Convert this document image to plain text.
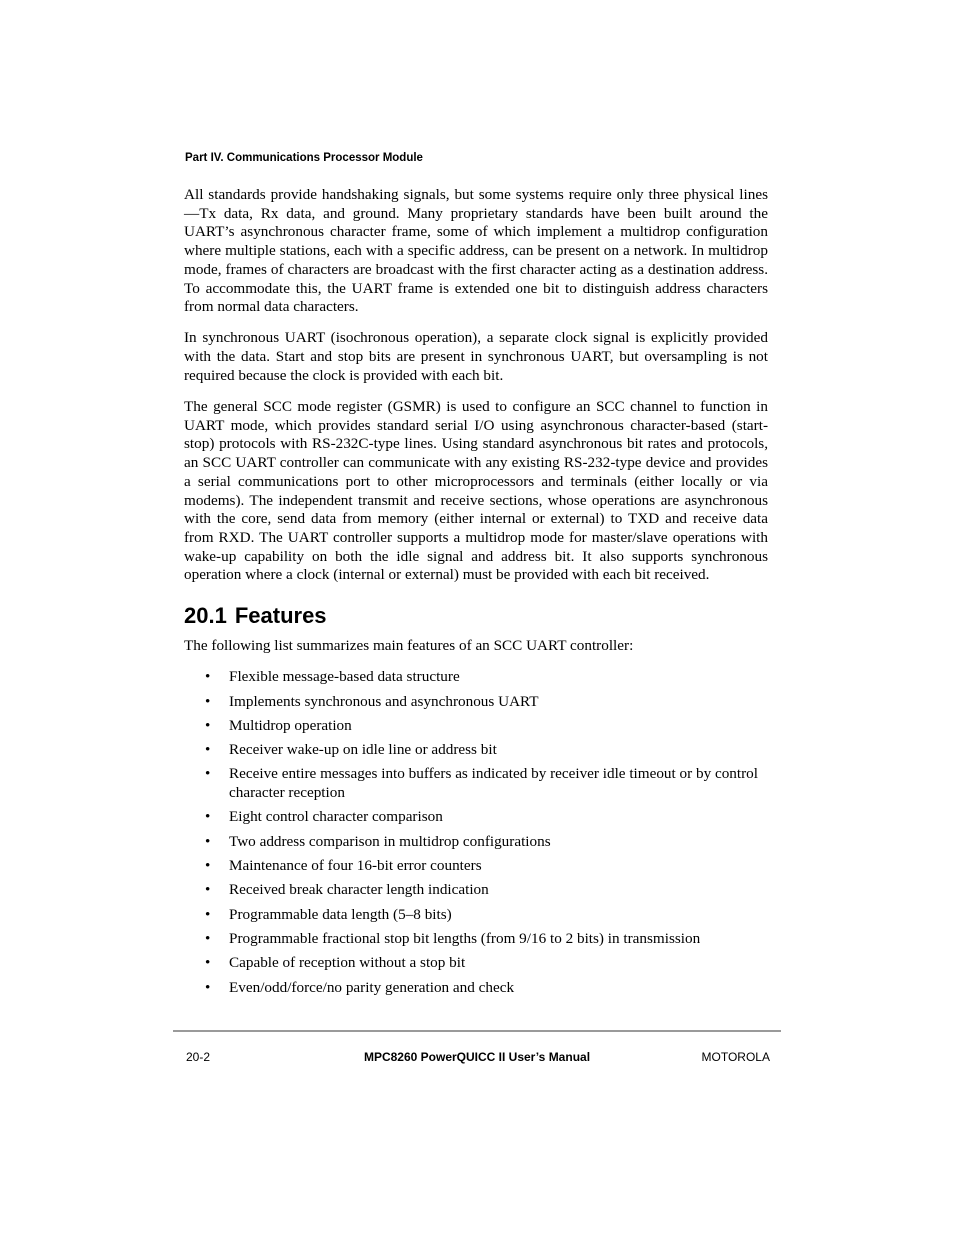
Part IV. Communications Processor Module

All standards provide handshaking signals, but some systems require only three physical lines—Tx data, Rx data, and ground. Many proprietary standards have been built around the UART’s asynchronous character frame, some of which implement a multidrop configuration where multiple stations, each with a specific address, can be present on a network. In multidrop mode, frames of characters are broadcast with the first character acting as a destination address. To accommodate this, the UART frame is extended one bit to distinguish address characters from normal data characters.

In synchronous UART (isochronous operation), a separate clock signal is explicitly provided with the data. Start and stop bits are present in synchronous UART, but oversampling is not required because the clock is provided with each bit.

The general SCC mode register (GSMR) is used to configure an SCC channel to function in UART mode, which provides standard serial I/O using asynchronous character-based (start-stop) protocols with RS-232C-type lines. Using standard asynchronous bit rates and protocols, an SCC UART controller can communicate with any existing RS-232-type device and provides a serial communications port to other microprocessors and terminals (either locally or via modems). The independent transmit and receive sections, whose operations are asynchronous with the core, send data from memory (either internal or external) to TXD and receive data from RXD. The UART controller supports a multidrop mode for master/slave operations with wake-up capability on both the idle signal and address bit. It also supports synchronous operation where a clock (internal or external) must be provided with each bit received.

20.1 Features

The following list summarizes main features of an SCC UART controller:

• Flexible message-based data structure
• Implements synchronous and asynchronous UART
• Multidrop operation
• Receiver wake-up on idle line or address bit
• Receive entire messages into buffers as indicated by receiver idle timeout or by control character reception
• Eight control character comparison
• Two address comparison in multidrop configurations
• Maintenance of four 16-bit error counters
• Received break character length indication
• Programmable data length (5–8 bits)
• Programmable fractional stop bit lengths (from 9/16 to 2 bits) in transmission
• Capable of reception without a stop bit
• Even/odd/force/no parity generation and check
20-2	MPC8260 PowerQUICC II User’s Manual	MOTOROLA
